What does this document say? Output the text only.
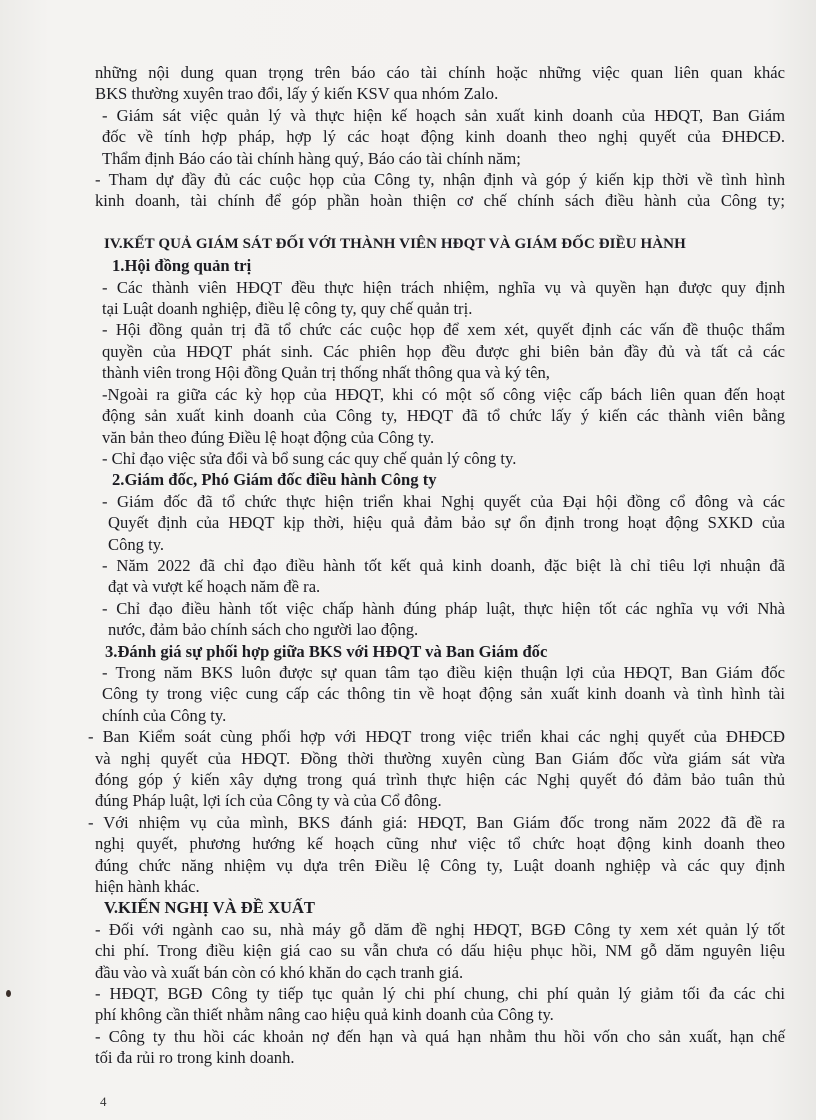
những nội dung quan trọng trên báo cáo tài chính hoặc những việc quan liên quan khác
BKS thường xuyên trao đổi, lấy ý kiến KSV qua nhóm Zalo.
- Giám sát việc quản lý và thực hiện kế hoạch sản xuất kinh doanh của HĐQT, Ban Giám
đốc về tính hợp pháp, hợp lý các hoạt động kinh doanh theo nghị quyết của ĐHĐCĐ.
Thẩm định Báo cáo tài chính hàng quý, Báo cáo tài chính năm;
- Tham dự đầy đủ các cuộc họp của Công ty, nhận định và góp ý kiến kịp thời về tình hình
kinh doanh, tài chính để góp phần hoàn thiện cơ chế chính sách điều hành của Công ty;
IV.KẾT QUẢ GIÁM SÁT ĐỐI VỚI THÀNH VIÊN HĐQT VÀ GIÁM ĐỐC ĐIỀU HÀNH
1.Hội đồng quản trị
- Các thành viên HĐQT đều thực hiện trách nhiệm, nghĩa vụ và quyền hạn được quy định
tại Luật doanh nghiệp, điều lệ công ty, quy chế quản trị.
- Hội đồng quản trị đã tổ chức các cuộc họp để xem xét, quyết định các vấn đề thuộc thẩm
quyền của HĐQT phát sinh. Các phiên họp đều được ghi biên bản đầy đủ và tất cả các
thành viên trong Hội đồng Quản trị thống nhất thông qua và ký tên,
-Ngoài ra giữa các kỳ họp của HĐQT, khi có một số công việc cấp bách liên quan đến hoạt
động sản xuất kinh doanh của Công ty, HĐQT đã tổ chức lấy ý kiến các thành viên bằng
văn bản theo đúng Điều lệ hoạt động của Công ty.
- Chỉ đạo việc sửa đổi và bổ sung các quy chế quản lý công ty.
2.Giám đốc, Phó Giám đốc điều hành Công ty
- Giám đốc đã tổ chức thực hiện triển khai Nghị quyết của Đại hội đồng cổ đông và các
Quyết định của HĐQT kịp thời, hiệu quả đảm bảo sự ổn định trong hoạt động SXKD của
Công ty.
- Năm 2022 đã chỉ đạo điều hành tốt kết quả kinh doanh, đặc biệt là chỉ tiêu lợi nhuận đã
đạt và vượt kế hoạch năm đề ra.
- Chỉ đạo điều hành tốt việc chấp hành đúng pháp luật, thực hiện tốt các nghĩa vụ với Nhà
nước, đảm bảo chính sách cho người lao động.
3.Đánh giá sự phối hợp giữa BKS với HĐQT và Ban Giám đốc
- Trong năm BKS luôn được sự quan tâm tạo điều kiện thuận lợi của HĐQT, Ban Giám đốc
Công ty trong việc cung cấp các thông tin về hoạt động sản xuất kinh doanh và tình hình tài
chính của Công ty.
- Ban Kiểm soát cùng phối hợp với HĐQT trong việc triển khai các nghị quyết của ĐHĐCĐ
và nghị quyết của HĐQT. Đồng thời thường xuyên cùng Ban Giám đốc vừa giám sát vừa
đóng góp ý kiến xây dựng trong quá trình thực hiện các Nghị quyết đó đảm bảo tuân thủ
đúng Pháp luật, lợi ích của Công ty và của Cổ đông.
- Với nhiệm vụ của mình, BKS đánh giá: HĐQT, Ban Giám đốc trong năm 2022 đã đề ra
nghị quyết, phương hướng kế hoạch cũng như việc tổ chức hoạt động kinh doanh theo
đúng chức năng nhiệm vụ dựa trên Điều lệ Công ty, Luật doanh nghiệp và các quy định
hiện hành khác.
V.KIẾN NGHỊ VÀ ĐỀ XUẤT
- Đối với ngành cao su, nhà máy gỗ dăm đề nghị HĐQT, BGĐ Công ty xem xét quản lý tốt
chi phí. Trong điều kiện giá cao su vẫn chưa có dấu hiệu phục hồi, NM gỗ dăm nguyên liệu
đầu vào và xuất bán còn có khó khăn do cạch tranh giá.
- HĐQT, BGĐ Công ty tiếp tục quản lý chi phí chung, chi phí quản lý giảm tối đa các chi
phí không cần thiết nhằm nâng cao hiệu quả kinh doanh của Công ty.
- Công ty thu hồi các khoản nợ đến hạn và quá hạn nhằm thu hồi vốn cho sản xuất, hạn chế
tối đa rủi ro trong kinh doanh.
4
